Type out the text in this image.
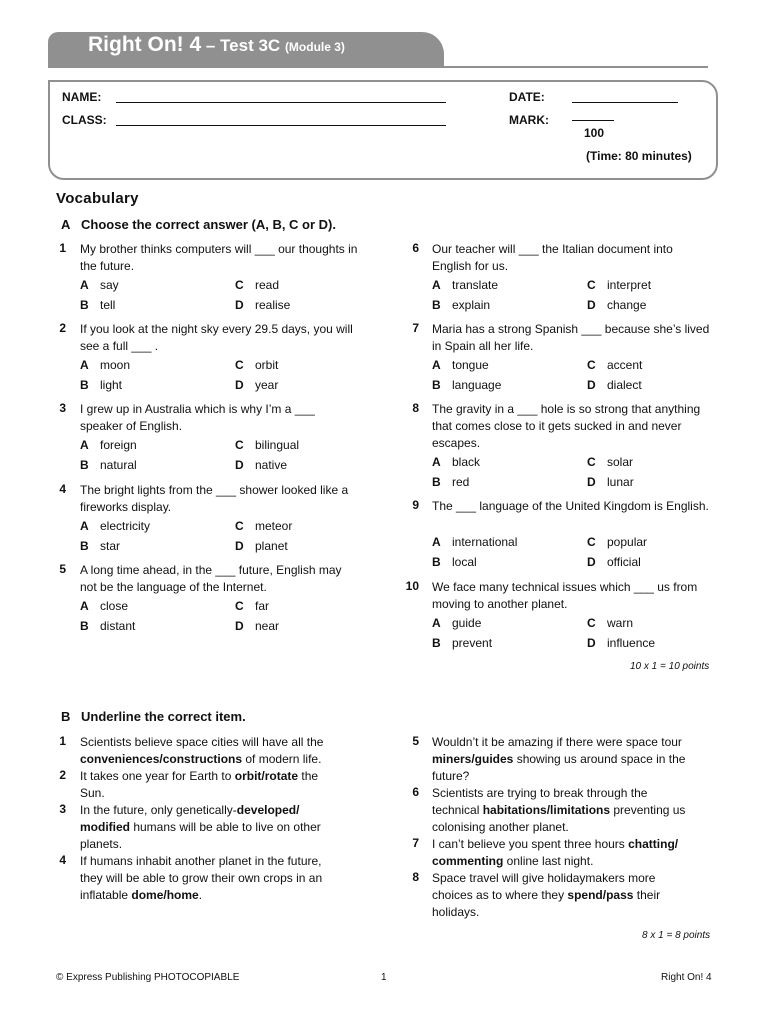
Right On! 4 – Test 3C (Module 3)
NAME:
CLASS:
DATE:
MARK:
100
(Time: 80 minutes)
Vocabulary
A Choose the correct answer (A, B, C or D).
1 My brother thinks computers will ___ our thoughts in the future.
A say	C read
B tell	D realise
2 If you look at the night sky every 29.5 days, you will see a full ___ .
A moon	C orbit
B light	D year
3 I grew up in Australia which is why I’m a ___ speaker of English.
A foreign	C bilingual
B natural	D native
4 The bright lights from the ___ shower looked like a fireworks display.
A electricity	C meteor
B star	D planet
5 A long time ahead, in the ___ future, English may not be the language of the Internet.
A close	C far
B distant	D near
6 Our teacher will ___ the Italian document into English for us.
A translate	C interpret
B explain	D change
7 Maria has a strong Spanish ___ because she’s lived in Spain all her life.
A tongue	C accent
B language	D dialect
8 The gravity in a ___ hole is so strong that anything that comes close to it gets sucked in and never escapes.
A black	C solar
B red	D lunar
9 The ___ language of the United Kingdom is English.
A international	C popular
B local	D official
10 We face many technical issues which ___ us from moving to another planet.
A guide	C warn
B prevent	D influence
10 x 1 = 10 points
B Underline the correct item.
1 Scientists believe space cities will have all the conveniences/constructions of modern life.
2 It takes one year for Earth to orbit/rotate the Sun.
3 In the future, only genetically-developed/ modified humans will be able to live on other planets.
4 If humans inhabit another planet in the future, they will be able to grow their own crops in an inflatable dome/home.
5 Wouldn’t it be amazing if there were space tour miners/guides showing us around space in the future?
6 Scientists are trying to break through the technical habitations/limitations preventing us colonising another planet.
7 I can’t believe you spent three hours chatting/ commenting online last night.
8 Space travel will give holidaymakers more choices as to where they spend/pass their holidays.
8 x 1 = 8 points
© Express Publishing PHOTOCOPIABLE	1	Right On! 4
